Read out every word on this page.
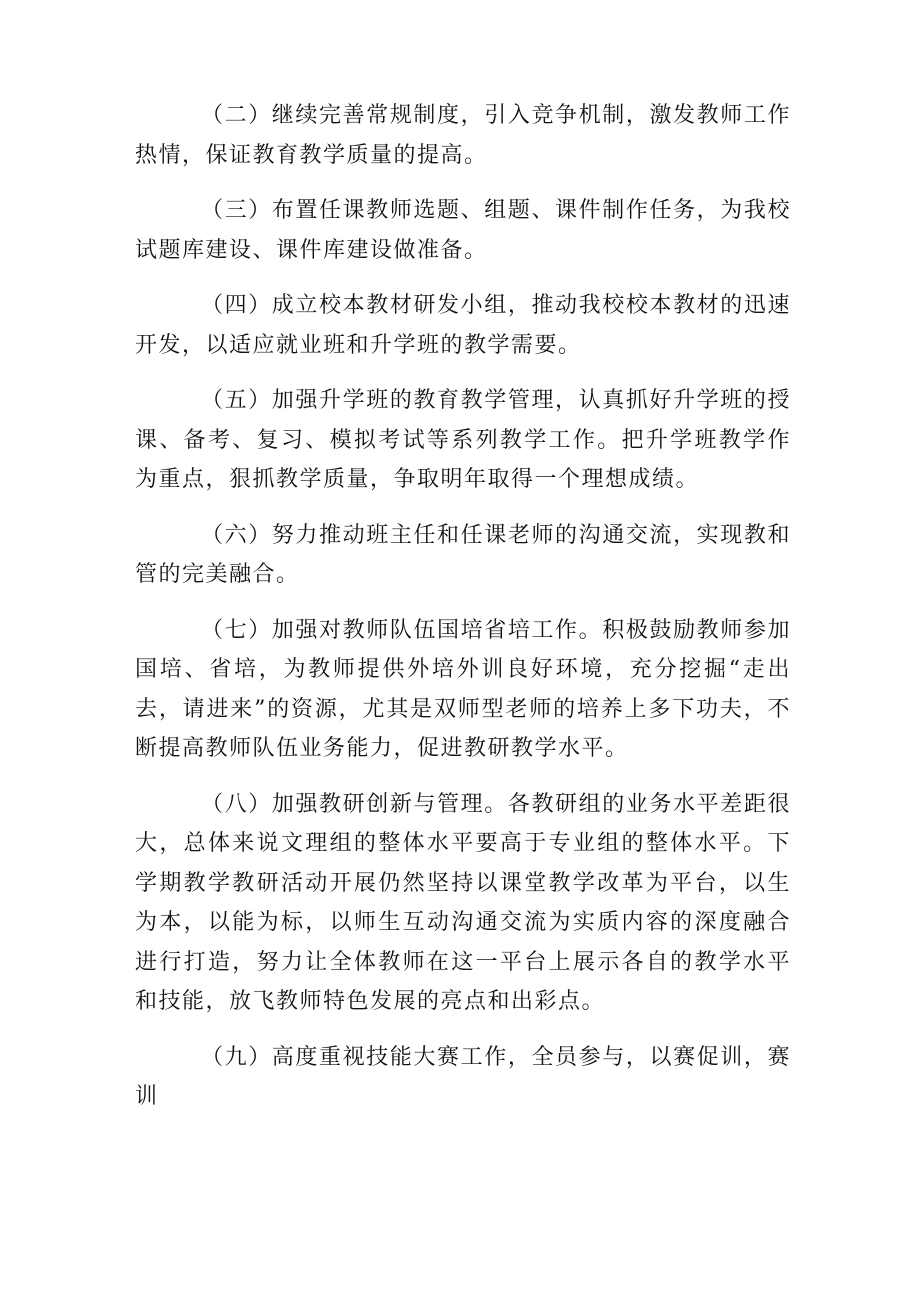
（二）继续完善常规制度，引入竞争机制，激发教师工作热情，保证教育教学质量的提高。

（三）布置任课教师选题、组题、课件制作任务，为我校试题库建设、课件库建设做准备。

（四）成立校本教材研发小组，推动我校校本教材的迅速开发，以适应就业班和升学班的教学需要。

（五）加强升学班的教育教学管理，认真抓好升学班的授课、备考、复习、模拟考试等系列教学工作。把升学班教学作为重点，狠抓教学质量，争取明年取得一个理想成绩。

（六）努力推动班主任和任课老师的沟通交流，实现教和管的完美融合。

（七）加强对教师队伍国培省培工作。积极鼓励教师参加国培、省培，为教师提供外培外训良好环境，充分挖掘“走出去，请进来”的资源，尤其是双师型老师的培养上多下功夫，不断提高教师队伍业务能力，促进教研教学水平。

（八）加强教研创新与管理。各教研组的业务水平差距很大，总体来说文理组的整体水平要高于专业组的整体水平。下学期教学教研活动开展仍然坚持以课堂教学改革为平台，以生为本，以能为标，以师生互动沟通交流为实质内容的深度融合进行打造，努力让全体教师在这一平台上展示各自的教学水平和技能，放飞教师特色发展的亮点和出彩点。

（九）高度重视技能大赛工作，全员参与，以赛促训，赛训
